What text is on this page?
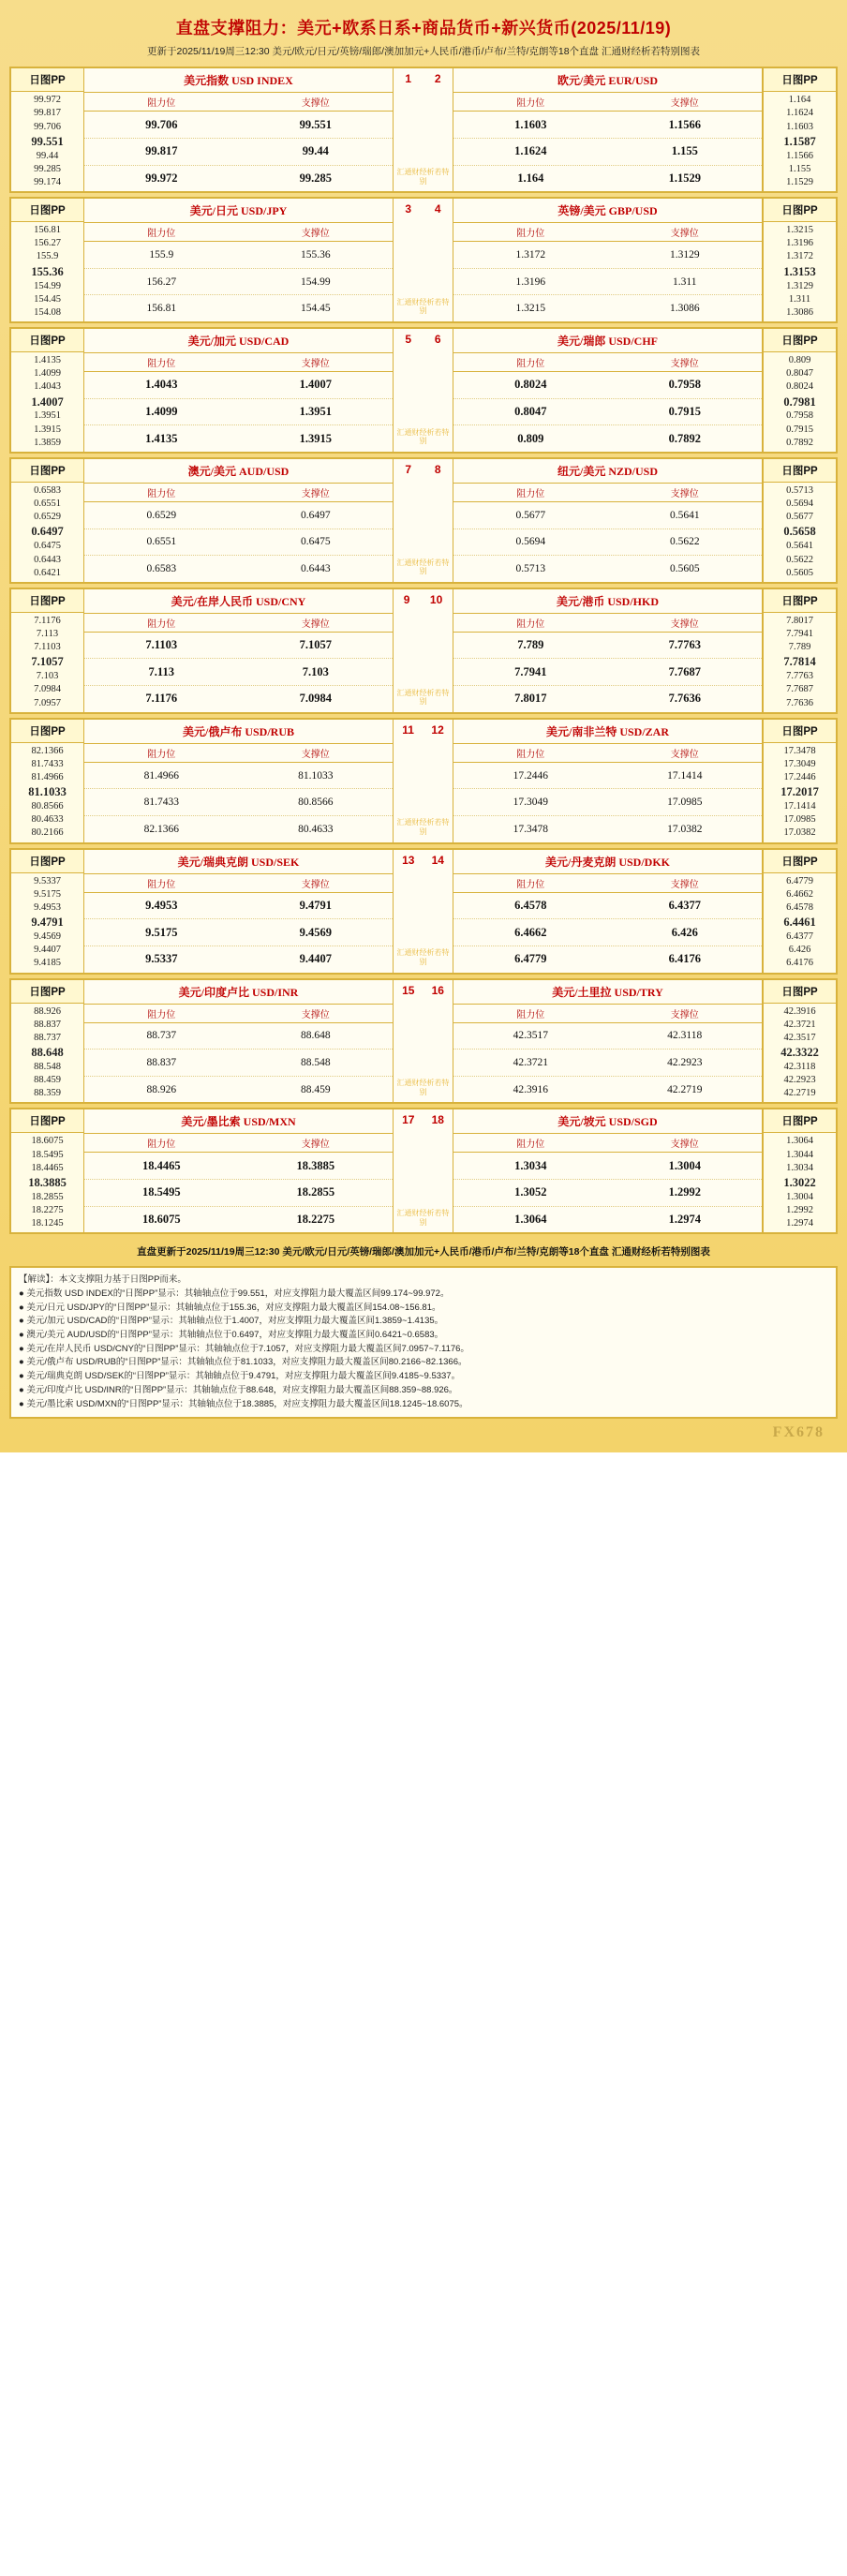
直盘支撑阻力：美元+欧系日系+商品货币+新兴货币(2025/11/19)
更新于2025/11/19周三12:30 美元/欧元/日元/英镑/瑞郎/澳加加元+人民币/港币/卢布/兰特/克朗等18个直盘 汇通财经析若特别图表
日图PP
99.972
99.817
99.706
99.551
99.44
99.285
99.174
美元指数 USD INDEX
阻力位	支撑位
99.706	99.551
99.817	99.44
99.972	99.285
1 2
汇通财经析若特别
欧元/美元 EUR/USD
阻力位	支撑位
1.1603	1.1566
1.1624	1.155
1.164	1.1529
日图PP
1.164
1.1624
1.1603
1.1587
1.1566
1.155
1.1529
日图PP
156.81
156.27
155.9
155.36
154.99
154.45
154.08
美元/日元 USD/JPY
阻力位	支撑位
155.9	155.36
156.27	154.99
156.81	154.45
3 4
汇通财经析若特别
英镑/美元 GBP/USD
阻力位	支撑位
1.3172	1.3129
1.3196	1.311
1.3215	1.3086
日图PP
1.3215
1.3196
1.3172
1.3153
1.3129
1.311
1.3086
日图PP
1.4135
1.4099
1.4043
1.4007
1.3951
1.3915
1.3859
美元/加元 USD/CAD
阻力位	支撑位
1.4043	1.4007
1.4099	1.3951
1.4135	1.3915
5 6
汇通财经析若特别
美元/瑞郎 USD/CHF
阻力位	支撑位
0.8024	0.7958
0.8047	0.7915
0.809	0.7892
日图PP
0.809
0.8047
0.8024
0.7981
0.7958
0.7915
0.7892
日图PP
0.6583
0.6551
0.6529
0.6497
0.6475
0.6443
0.6421
澳元/美元 AUD/USD
阻力位	支撑位
0.6529	0.6497
0.6551	0.6475
0.6583	0.6443
7 8
汇通财经析若特别
纽元/美元 NZD/USD
阻力位	支撑位
0.5677	0.5641
0.5694	0.5622
0.5713	0.5605
日图PP
0.5713
0.5694
0.5677
0.5658
0.5641
0.5622
0.5605
日图PP
7.1176
7.113
7.1103
7.1057
7.103
7.0984
7.0957
美元/在岸人民币 USD/CNY
阻力位	支撑位
7.1103	7.1057
7.113	7.103
7.1176	7.0984
9 10
汇通财经析若特别
美元/港币 USD/HKD
阻力位	支撑位
7.789	7.7763
7.7941	7.7687
7.8017	7.7636
日图PP
7.8017
7.7941
7.789
7.7814
7.7763
7.7687
7.7636
日图PP
82.1366
81.7433
81.4966
81.1033
80.8566
80.4633
80.2166
美元/俄卢布 USD/RUB
阻力位	支撑位
81.4966	81.1033
81.7433	80.8566
82.1366	80.4633
11 12
汇通财经析若特别
美元/南非兰特 USD/ZAR
阻力位	支撑位
17.2446	17.1414
17.3049	17.0985
17.3478	17.0382
日图PP
17.3478
17.3049
17.2446
17.2017
17.1414
17.0985
17.0382
日图PP
9.5337
9.5175
9.4953
9.4791
9.4569
9.4407
9.4185
美元/瑞典克朗 USD/SEK
阻力位	支撑位
9.4953	9.4791
9.5175	9.4569
9.5337	9.4407
13 14
汇通财经析若特别
美元/丹麦克朗 USD/DKK
阻力位	支撑位
6.4578	6.4377
6.4662	6.426
6.4779	6.4176
日图PP
6.4779
6.4662
6.4578
6.4461
6.4377
6.426
6.4176
日图PP
88.926
88.837
88.737
88.648
88.548
88.459
88.359
美元/印度卢比 USD/INR
阻力位	支撑位
88.737	88.648
88.837	88.548
88.926	88.459
15 16
汇通财经析若特别
美元/土里拉 USD/TRY
阻力位	支撑位
42.3517	42.3118
42.3721	42.2923
42.3916	42.2719
日图PP
42.3916
42.3721
42.3517
42.3322
42.3118
42.2923
42.2719
日图PP
18.6075
18.5495
18.4465
18.3885
18.2855
18.2275
18.1245
美元/墨比索 USD/MXN
阻力位	支撑位
18.4465	18.3885
18.5495	18.2855
18.6075	18.2275
17 18
汇通财经析若特别
美元/坡元 USD/SGD
阻力位	支撑位
1.3034	1.3004
1.3052	1.2992
1.3064	1.2974
日图PP
1.3064
1.3044
1.3034
1.3022
1.3004
1.2992
1.2974
直盘更新于2025/11/19周三12:30 美元/欧元/日元/英镑/瑞郎/澳加加元+人民币/港币/卢布/兰特/克朗等18个直盘 汇通财经析若特别图表
【解读】：本文支撑阻力基于日图PP而来。
● 美元指数 USD INDEX的“日图PP”显示：其轴轴点位于99.551，对应支撑阻力最大覆盖区间99.174~99.972。
● 美元/日元 USD/JPY的“日图PP”显示：其轴轴点位于155.36，对应支撑阻力最大覆盖区间154.08~156.81。
● 美元/加元 USD/CAD的“日图PP”显示：其轴轴点位于1.4007，对应支撑阻力最大覆盖区间1.3859~1.4135。
● 澳元/美元 AUD/USD的“日图PP”显示：其轴轴点位于0.6497，对应支撑阻力最大覆盖区间0.6421~0.6583。
● 美元/在岸人民币 USD/CNY的“日图PP”显示：其轴轴点位于7.1057，对应支撑阻力最大覆盖区间7.0957~7.1176。
● 美元/俄卢布 USD/RUB的“日图PP”显示：其轴轴点位于81.1033，对应支撑阻力最大覆盖区间80.2166~82.1366。
● 美元/瑞典克朗 USD/SEK的“日图PP”显示：其轴轴点位于9.4791，对应支撑阻力最大覆盖区间9.4185~9.5337。
● 美元/印度卢比 USD/INR的“日图PP”显示：其轴轴点位于88.648，对应支撑阻力最大覆盖区间88.359~88.926。
● 美元/墨比索 USD/MXN的“日图PP”显示：其轴轴点位于18.3885，对应支撑阻力最大覆盖区间18.1245~18.6075。
FX678
